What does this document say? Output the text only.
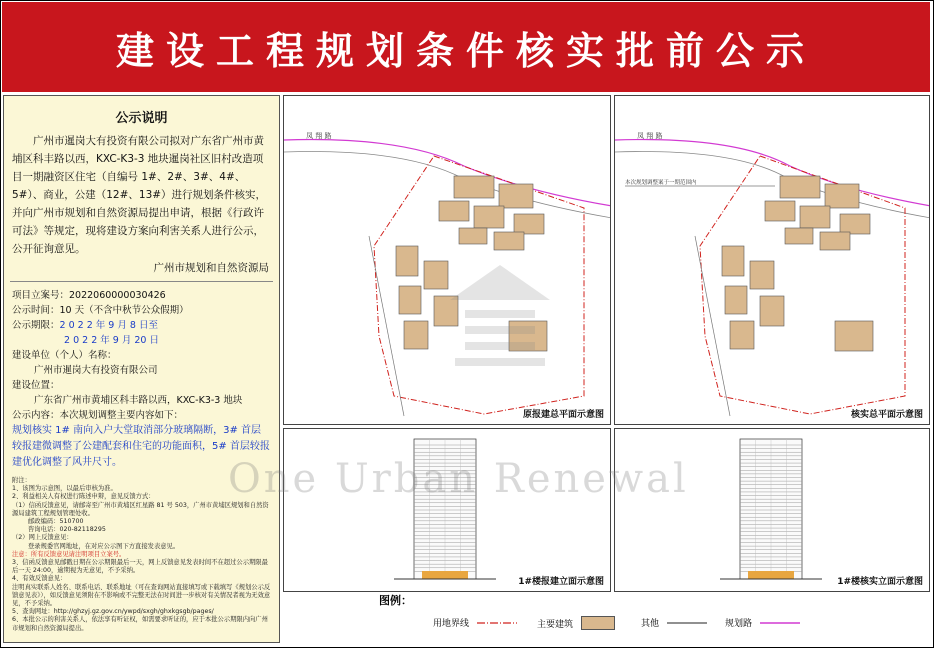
建设工程规划条件核实批前公示
公示说明
广州市暹岗大有投资有限公司拟对广东省广州市黄埔区科丰路以西，KXC-K3-3 地块暹岗社区旧村改造项目一期融资区住宅（自编号 1#、2#、3#、4#、5#）、商业，公建（12#、13#）进行规划条件核实，并向广州市规划和自然资源局提出申请，根据《行政许可法》等规定，现将建设方案向利害关系人进行公示，公开征询意见。
广州市规划和自然资源局
项目立案号：2022060000030426
公示时间：10 天（不含中秋节公众假期）
公示期限：2 0 2 2 年 9 月 8 日至
2 0 2 2 年 9 月 20 日
建设单位（个人）名称：
广州市暹岗大有投资有限公司
建设位置：
广东省广州市黄埔区科丰路以西，KXC-K3-3 地块
公示内容：本次规划调整主要内容如下：
规划核实 1# 南向入户大堂取消部分玻璃隔断，3# 首层较报建微调整了公建配套和住宅的功能面积，5# 首层较报建优化调整了风井尺寸。
附注：
1、该图为示意图，以最后审核为准。
2、利益相关人有权进行陈述申辩，意见反馈方式：
（1）信函反馈意见，请邮寄至广州市黄埔区红星路 81 号 503，广州市黄埔区规划和自然资源局建筑工程规划管理处收。
邮政编码：510700
咨询电话：020-82118295
（2）网上反馈意见：
登录规委官网地址，在对应公示图下方直接发表意见。
注意：所有反馈意见请注明项目立案号。
3、信函反馈意见邮戳日期在公示期限最后一天，网上反馈意见发表时间不在超过公示期限最后一天 24:00，逾期视为无意见，不予采纳。
4、有效反馈意见：
注明真实联系人姓名、联系电话、联系地址（可在查询网站直接填写或下载填写《规划公示反馈意见表》），如反馈意见须附在不影响或不完整无法在时间进一步核对有关情况者视为无效意见，不予采纳。
5、查询网址：http://ghzyj.gz.gov.cn/ywpd/sxgh/ghxkgsgb/pages/
6、本批公示的利害关系人，依法享有听证权，如需要求听证的，应于本批公示期限内向广州市规划和自然资源局提出。
凤 翔 路
原报建总平面示意图
凤 翔 路
本次规划调整案于一期范围内
核实总平面示意图
1#楼报建立面示意图	1#楼核实立面示意图
图例：
用地界线	主要建筑	其他	规划路
One Urban Renewal
